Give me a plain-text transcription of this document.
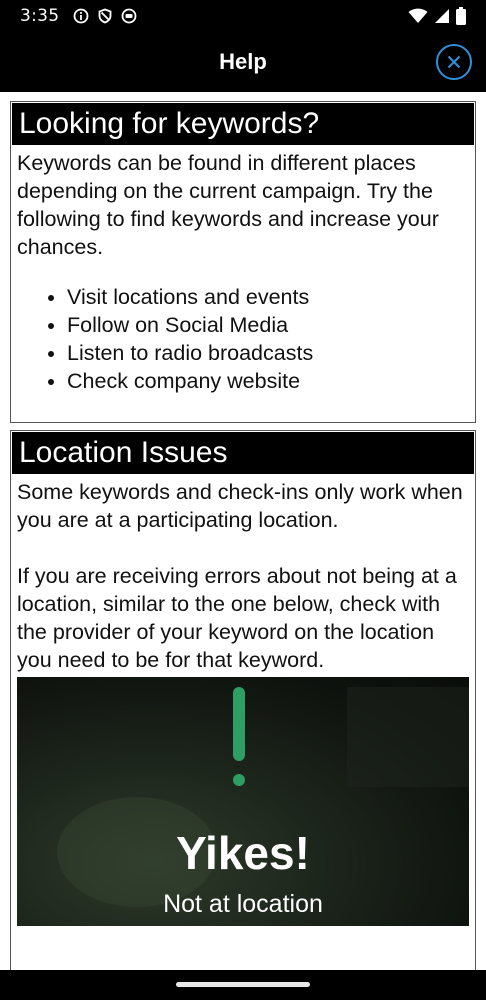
3:35
Help
Looking for keywords?

Keywords can be found in different places depending on the current campaign. Try the following to find keywords and increase your chances.

• Visit locations and events
• Follow on Social Media
• Listen to radio broadcasts
• Check company website
Location Issues

Some keywords and check-ins only work when you are at a participating location.

If you are receiving errors about not being at a location, similar to the one below, check with the provider of your keyword on the location you need to be for that keyword.

Yikes!
Not at location
